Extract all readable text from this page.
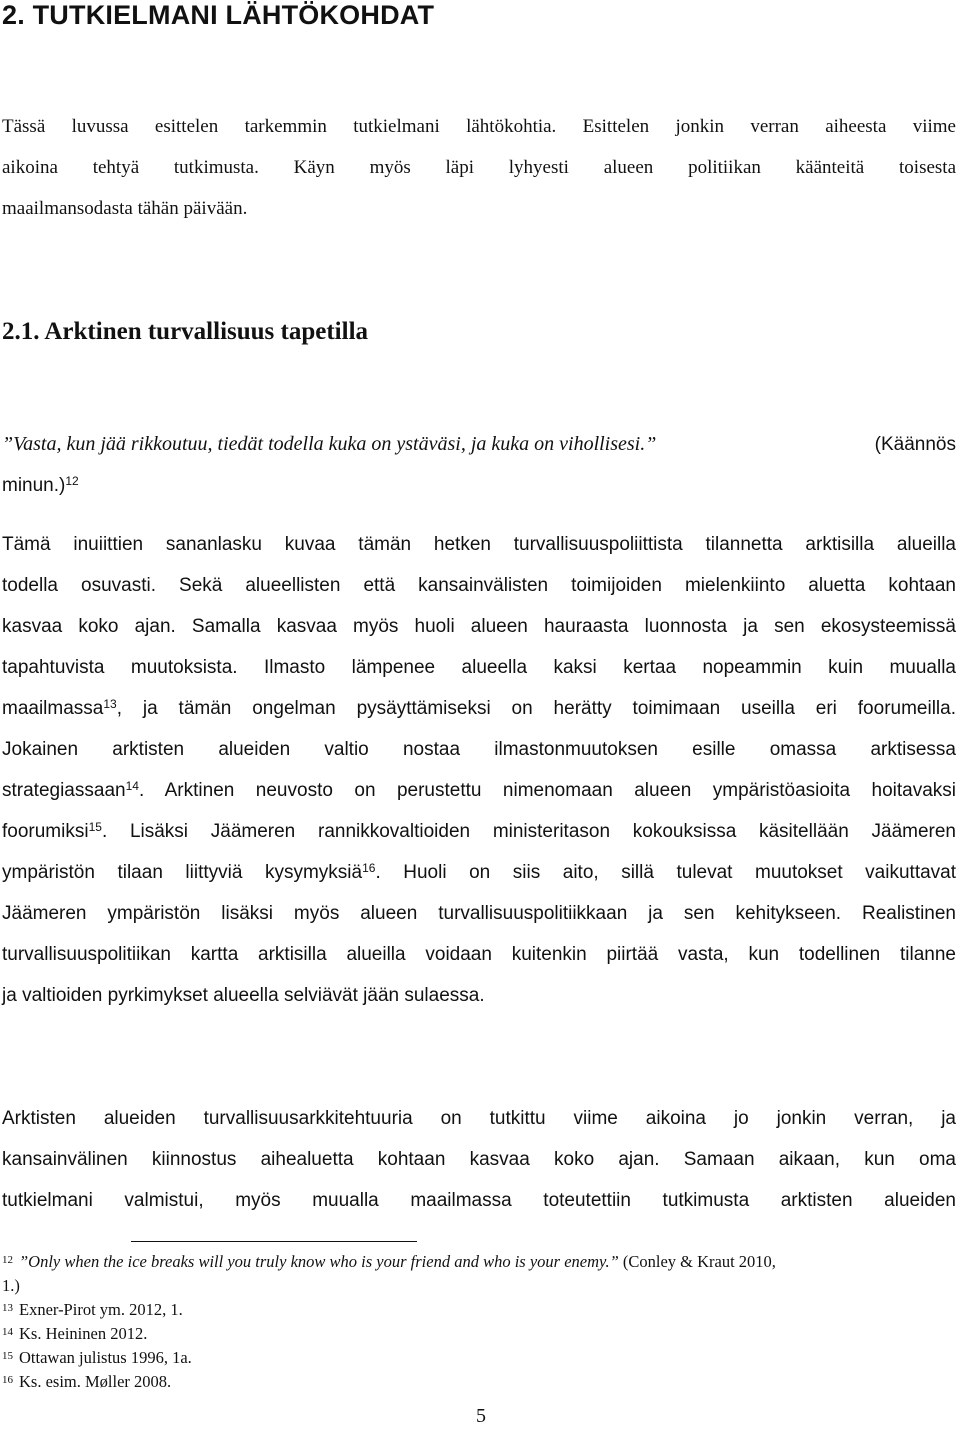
2. TUTKIELMANI LÄHTÖKOHDAT
Tässä luvussa esittelen tarkemmin tutkielmani lähtökohtia. Esittelen jonkin verran aiheesta viime
aikoina tehtyä tutkimusta. Käyn myös läpi lyhyesti alueen politiikan käänteitä toisesta
maailmansodasta tähän päivään.
2.1. Arktinen turvallisuus tapetilla
”Vasta, kun jää rikkoutuu, tiedät todella kuka on ystäväsi, ja kuka on vihollisesi.”	(Käännös
minun.)$^{12}$
Tämä inuiittien sananlasku kuvaa tämän hetken turvallisuuspoliittista tilannetta arktisilla alueilla
todella osuvasti. Sekä alueellisten että kansainvälisten toimijoiden mielenkiinto aluetta kohtaan
kasvaa koko ajan. Samalla kasvaa myös huoli alueen hauraasta luonnosta ja sen ekosysteemissä
tapahtuvista muutoksista. Ilmasto lämpenee alueella kaksi kertaa nopeammin kuin muualla
maailmassa$^{13}$, ja tämän ongelman pysäyttämiseksi on herätty toimimaan useilla eri foorumeilla.
Jokainen arktisten alueiden valtio nostaa ilmastonmuutoksen esille omassa arktisessa
strategiassaan$^{14}$. Arktinen neuvosto on perustettu nimenomaan alueen ympäristöasioita hoitavaksi
foorumiksi$^{15}$. Lisäksi Jäämeren rannikkovaltioiden ministeritason kokouksissa käsitellään Jäämeren
ympäristön tilaan liittyviä kysymyksiä$^{16}$. Huoli on siis aito, sillä tulevat muutokset vaikuttavat
Jäämeren ympäristön lisäksi myös alueen turvallisuuspolitiikkaan ja sen kehitykseen. Realistinen
turvallisuuspolitiikan kartta arktisilla alueilla voidaan kuitenkin piirtää vasta, kun todellinen tilanne
ja valtioiden pyrkimykset alueella selviävät jään sulaessa.
Arktisten alueiden turvallisuusarkkitehtuuria on tutkittu viime aikoina jo jonkin verran, ja
kansainvälinen kiinnostus aihealuetta kohtaan kasvaa koko ajan. Samaan aikaan, kun oma
tutkielmani valmistui, myös muualla maailmassa toteutettiin tutkimusta arktisten alueiden
$^{12}$ ”Only when the ice breaks will you truly know who is your friend and who is your enemy.” (Conley & Kraut 2010,
1.)
$^{13}$ Exner-Pirot ym. 2012, 1.
$^{14}$ Ks. Heininen 2012.
$^{15}$ Ottawan julistus 1996, 1a.
$^{16}$ Ks. esim. Møller 2008.
5
